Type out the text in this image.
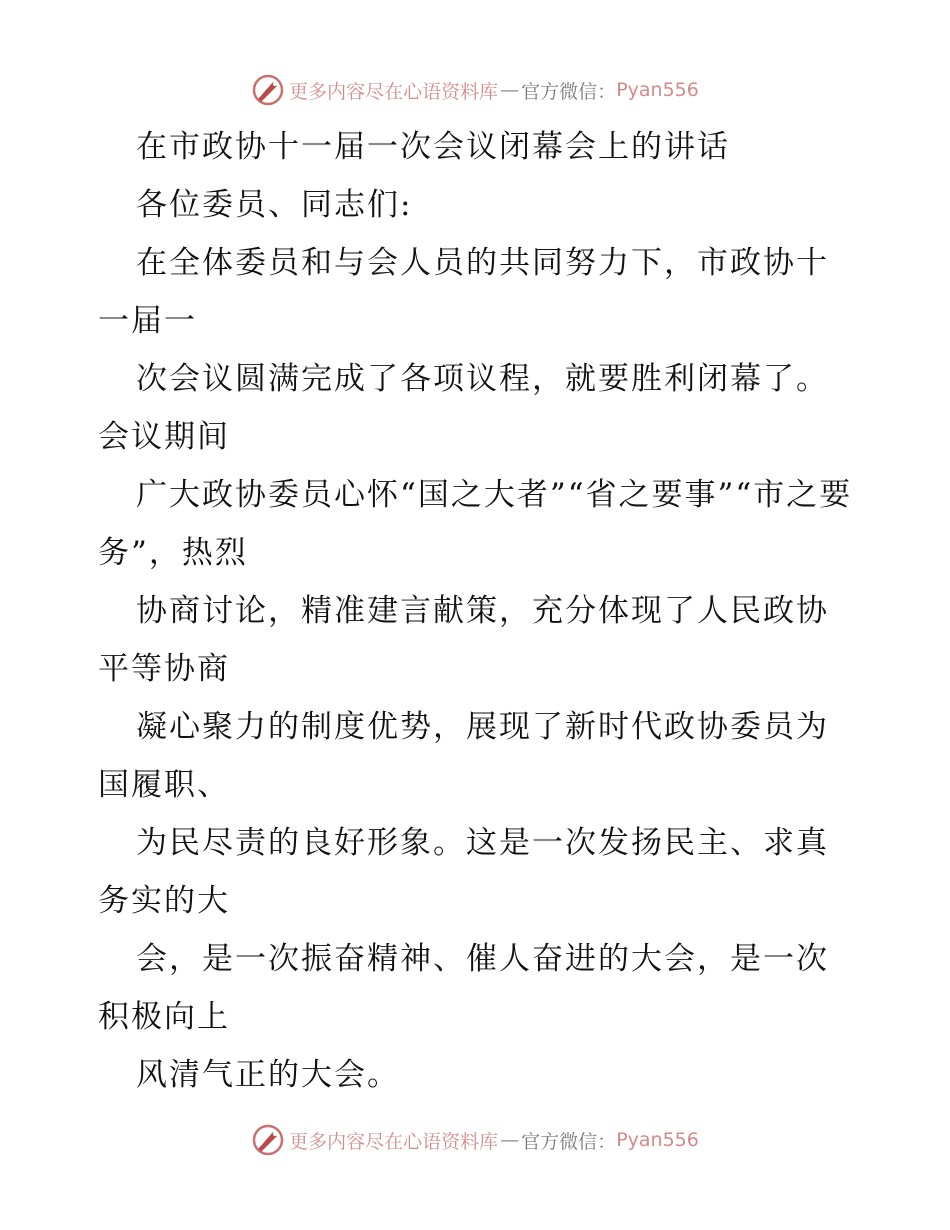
更多内容尽在心语资料库 — 官方微信： Pyan556

在市政协十一届一次会议闭幕会上的讲话

各位委员、同志们:

在全体委员和与会人员的共同努力下，市政协十一届一

次会议圆满完成了各项议程，就要胜利闭幕了。会议期间

广大政协委员心怀“国之大者”“省之要事”“市之要务”，热烈

协商讨论，精准建言献策，充分体现了人民政协平等协商

凝心聚力的制度优势，展现了新时代政协委员为国履职、

为民尽责的良好形象。这是一次发扬民主、求真务实的大

会，是一次振奋精神、催人奋进的大会，是一次积极向上

风清气正的大会。

更多内容尽在心语资料库 — 官方微信： Pyan556
